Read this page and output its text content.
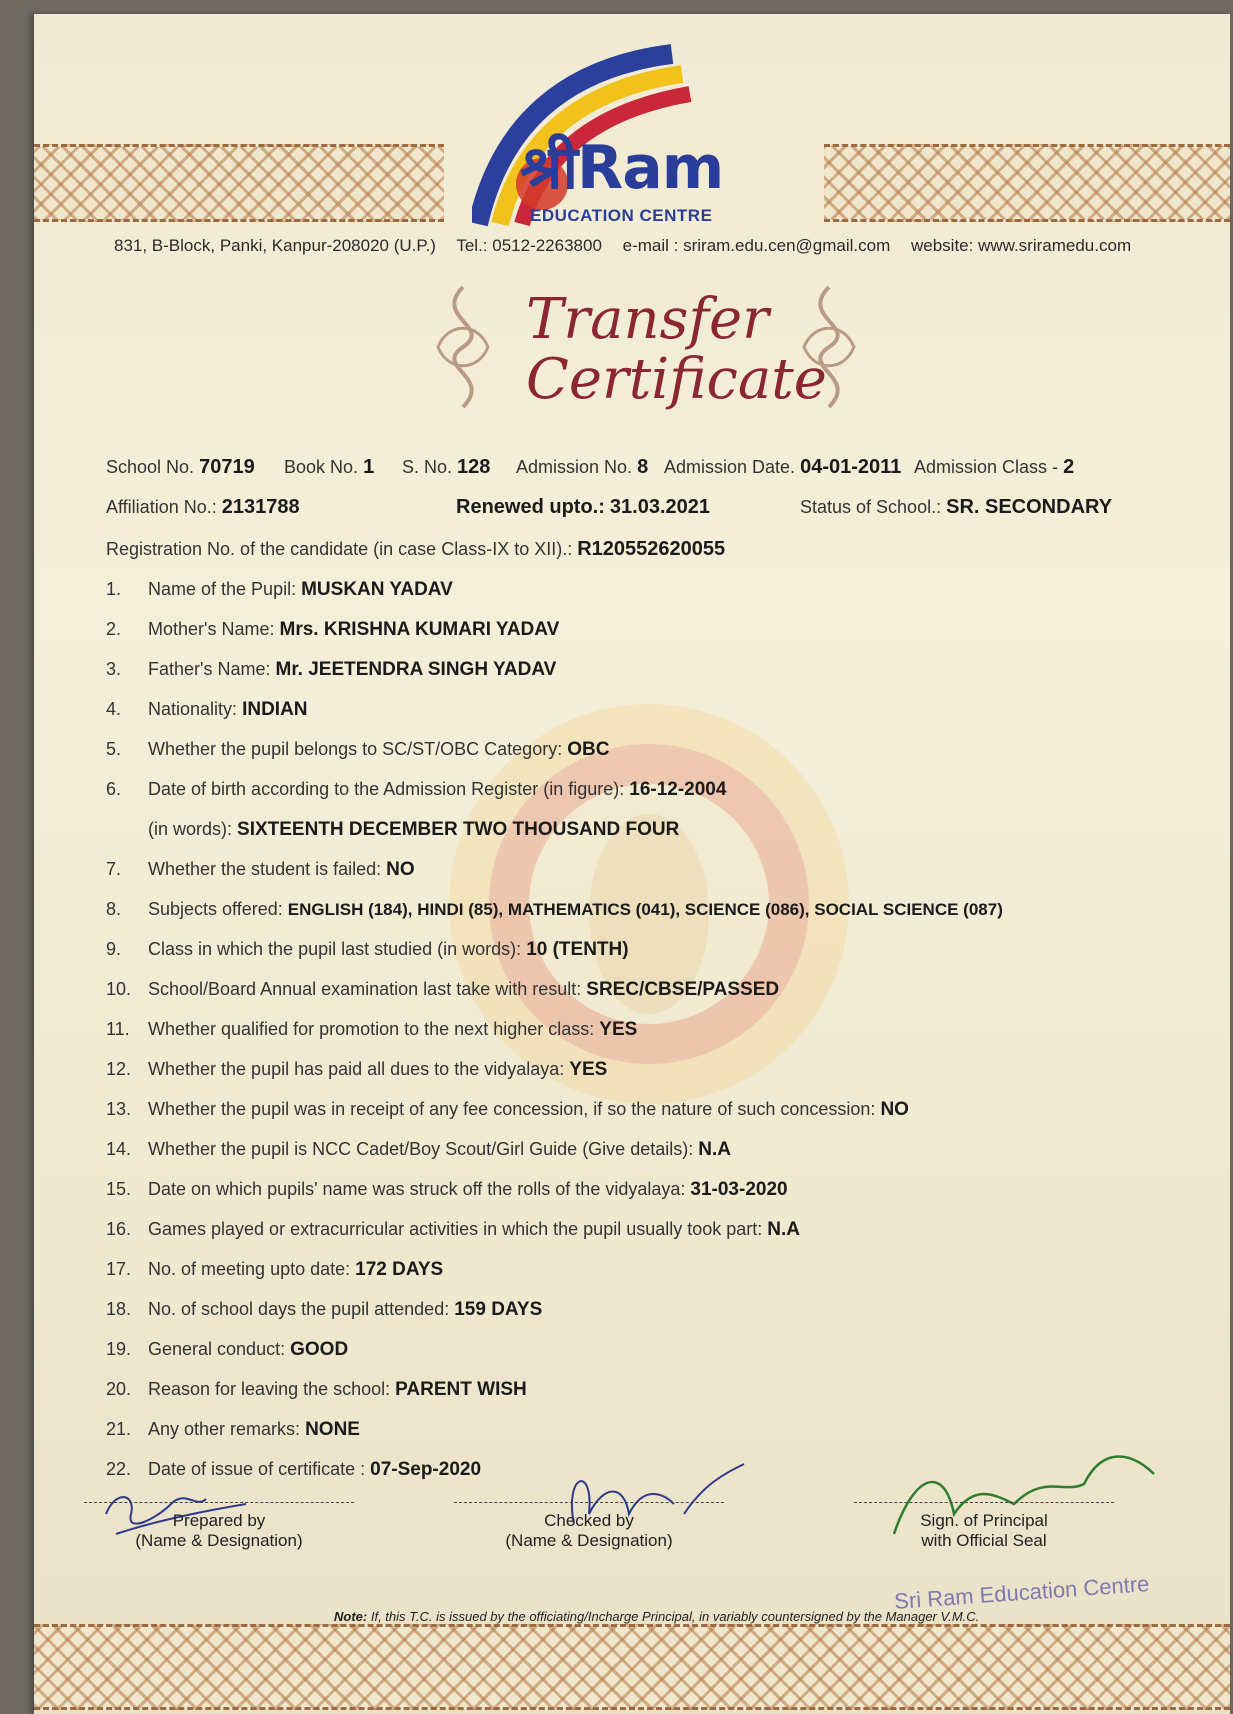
श्रीRam
EDUCATION CENTRE
831, B-Block, Panki, Kanpur-208020 (U.P.) Tel.: 0512-2263800 e-mail : sriram.edu.cen@gmail.com website: www.sriramedu.com
Transfer
Certificate
School No. 70719 Book No. 1 S. No. 128 Admission No. 8 Admission Date. 04-01-2011 Admission Class - 2
Affiliation No.: 2131788	Renewed upto.: 31.03.2021	Status of School.: SR. SECONDARY
Registration No. of the candidate (in case Class-IX to XII).: R120552620055
1.	Name of the Pupil: MUSKAN YADAV
2.	Mother's Name: Mrs. KRISHNA KUMARI YADAV
3.	Father's Name: Mr. JEETENDRA SINGH YADAV
4.	Nationality: INDIAN
5.	Whether the pupil belongs to SC/ST/OBC Category: OBC
6.	Date of birth according to the Admission Register (in figure): 16-12-2004
(in words): SIXTEENTH DECEMBER TWO THOUSAND FOUR
7.	Whether the student is failed: NO
8.	Subjects offered: ENGLISH (184), HINDI (85), MATHEMATICS (041), SCIENCE (086), SOCIAL SCIENCE (087)
9.	Class in which the pupil last studied (in words): 10 (TENTH)
10. School/Board Annual examination last take with result: SREC/CBSE/PASSED
11.	Whether qualified for promotion to the next higher class: YES
12. Whether the pupil has paid all dues to the vidyalaya: YES
13. Whether the pupil was in receipt of any fee concession, if so the nature of such concession: NO
14. Whether the pupil is NCC Cadet/Boy Scout/Girl Guide (Give details): N.A
15. Date on which pupils' name was struck off the rolls of the vidyalaya: 31-03-2020
16. Games played or extracurricular activities in which the pupil usually took part: N.A
17. No. of meeting upto date: 172 DAYS
18. No. of school days the pupil attended: 159 DAYS
19. General conduct: GOOD
20. Reason for leaving the school: PARENT WISH
21. Any other remarks: NONE
22. Date of issue of certificate : 07-Sep-2020
Prepared by
(Name & Designation)
Checked by
(Name & Designation)
Sign. of Principal
with Official Seal
Sri Ram Education Centre
Note: If, this T.C. is issued by the officiating/Incharge Principal, in variably countersigned by the Manager V.M.C.
